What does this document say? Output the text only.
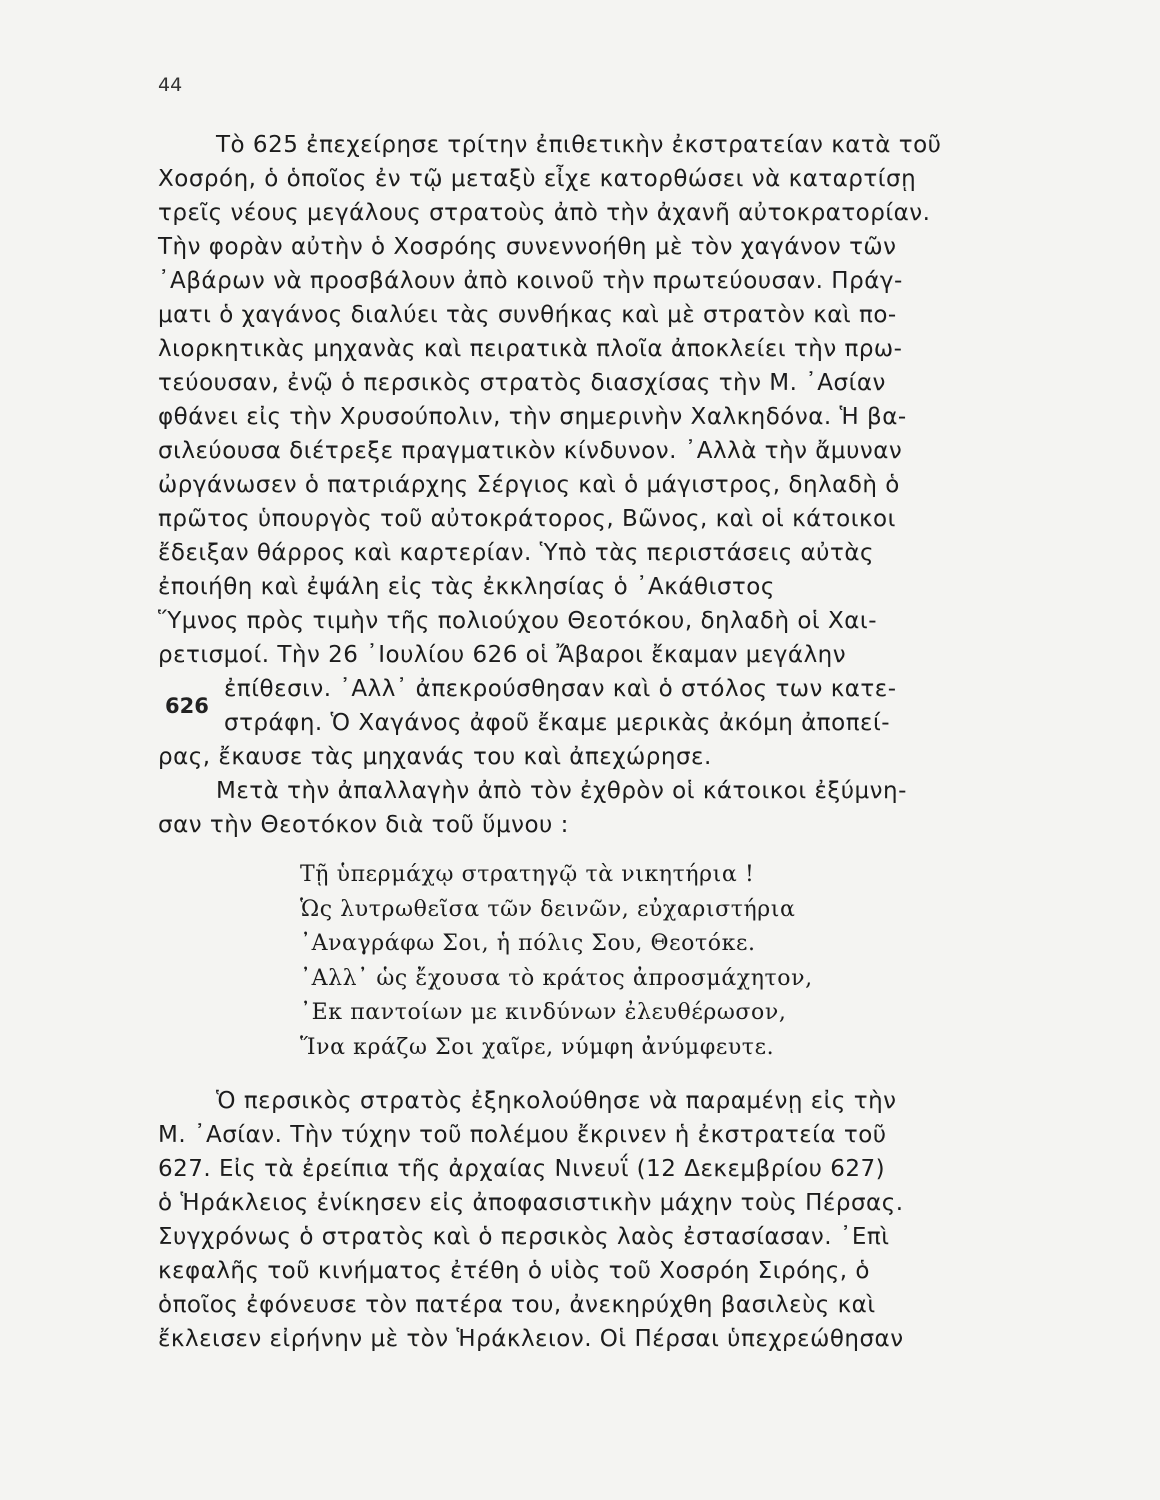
44
626
Τὸ 625 ἐπεχείρησε τρίτην ἐπιθετικὴν ἐκστρατείαν κατὰ τοῦ
Χοσρόη, ὁ ὁποῖος ἐν τῷ μεταξὺ εἶχε κατορθώσει νὰ καταρτίσῃ
τρεῖς νέους μεγάλους στρατοὺς ἀπὸ τὴν ἀχανῆ αὐτοκρατορίαν.
Τὴν φορὰν αὐτὴν ὁ Χοσρόης συνεννοήθη μὲ τὸν χαγάνον τῶν
᾿Αβάρων νὰ προσβάλουν ἀπὸ κοινοῦ τὴν πρωτεύουσαν. Πράγ-
ματι ὁ χαγάνος διαλύει τὰς συνθήκας καὶ μὲ στρατὸν καὶ πο-
λιορκητικὰς μηχανὰς καὶ πειρατικὰ πλοῖα ἀποκλείει τὴν πρω-
τεύουσαν, ἐνῷ ὁ περσικὸς στρατὸς διασχίσας τὴν Μ. ᾿Ασίαν
φθάνει εἰς τὴν Χρυσούπολιν, τὴν σημερινὴν Χαλκηδόνα. Ἡ βα-
σιλεύουσα διέτρεξε πραγματικὸν κίνδυνον. ᾿Αλλὰ τὴν ἄμυναν
ὠργάνωσεν ὁ πατριάρχης Σέργιος καὶ ὁ μάγιστρος, δηλαδὴ ὁ
πρῶτος ὑπουργὸς τοῦ αὐτοκράτορος, Βῶνος, καὶ οἱ κάτοικοι
ἔδειξαν θάρρος καὶ καρτερίαν. Ὑπὸ τὰς περιστάσεις αὐτὰς
ἐποιήθη καὶ ἐψάλη εἰς τὰς ἐκκλησίας ὁ ᾿Ακάθιστος
Ὕμνος πρὸς τιμὴν τῆς πολιούχου Θεοτόκου, δηλαδὴ οἱ Χαι-
ρετισμοί. Τὴν 26 ᾿Ιουλίου 626 οἱ Ἄβαροι ἔκαμαν μεγάλην
ἐπίθεσιν. ᾿Αλλ᾿ ἀπεκρούσθησαν καὶ ὁ στόλος των κατε-
στράφη. Ὁ Χαγάνος ἀφοῦ ἔκαμε μερικὰς ἀκόμη ἀποπεί-
ρας, ἔκαυσε τὰς μηχανάς του καὶ ἀπεχώρησε.
Μετὰ τὴν ἀπαλλαγὴν ἀπὸ τὸν ἐχθρὸν οἱ κάτοικοι ἐξύμνη-
σαν τὴν Θεοτόκον διὰ τοῦ ὕμνου :
Τῇ ὑπερμάχῳ στρατηγῷ τὰ νικητήρια !
Ὡς λυτρωθεῖσα τῶν δεινῶν, εὐχαριστήρια
᾿Αναγράφω Σοι, ἡ πόλις Σου, Θεοτόκε.
᾿Αλλ᾿ ὡς ἔχουσα τὸ κράτος ἀπροσμάχητον,
᾿Εκ παντοίων με κινδύνων ἐλευθέρωσον,
Ἵνα κράζω Σοι χαῖρε, νύμφη ἀνύμφευτε.
Ὁ περσικὸς στρατὸς ἐξηκολούθησε νὰ παραμένῃ εἰς τὴν
Μ. ᾿Ασίαν. Τὴν τύχην τοῦ πολέμου ἔκρινεν ἡ ἐκστρατεία τοῦ
627. Εἰς τὰ ἐρείπια τῆς ἀρχαίας Νινευΐ (12 Δεκεμβρίου 627)
ὁ Ἡράκλειος ἐνίκησεν εἰς ἀποφασιστικὴν μάχην τοὺς Πέρσας.
Συγχρόνως ὁ στρατὸς καὶ ὁ περσικὸς λαὸς ἐστασίασαν. ᾿Επὶ
κεφαλῆς τοῦ κινήματος ἐτέθη ὁ υἱὸς τοῦ Χοσρόη Σιρόης, ὁ
ὁποῖος ἐφόνευσε τὸν πατέρα του, ἀνεκηρύχθη βασιλεὺς καὶ
ἔκλεισεν εἰρήνην μὲ τὸν Ἡράκλειον. Οἱ Πέρσαι ὑπεχρεώθησαν
